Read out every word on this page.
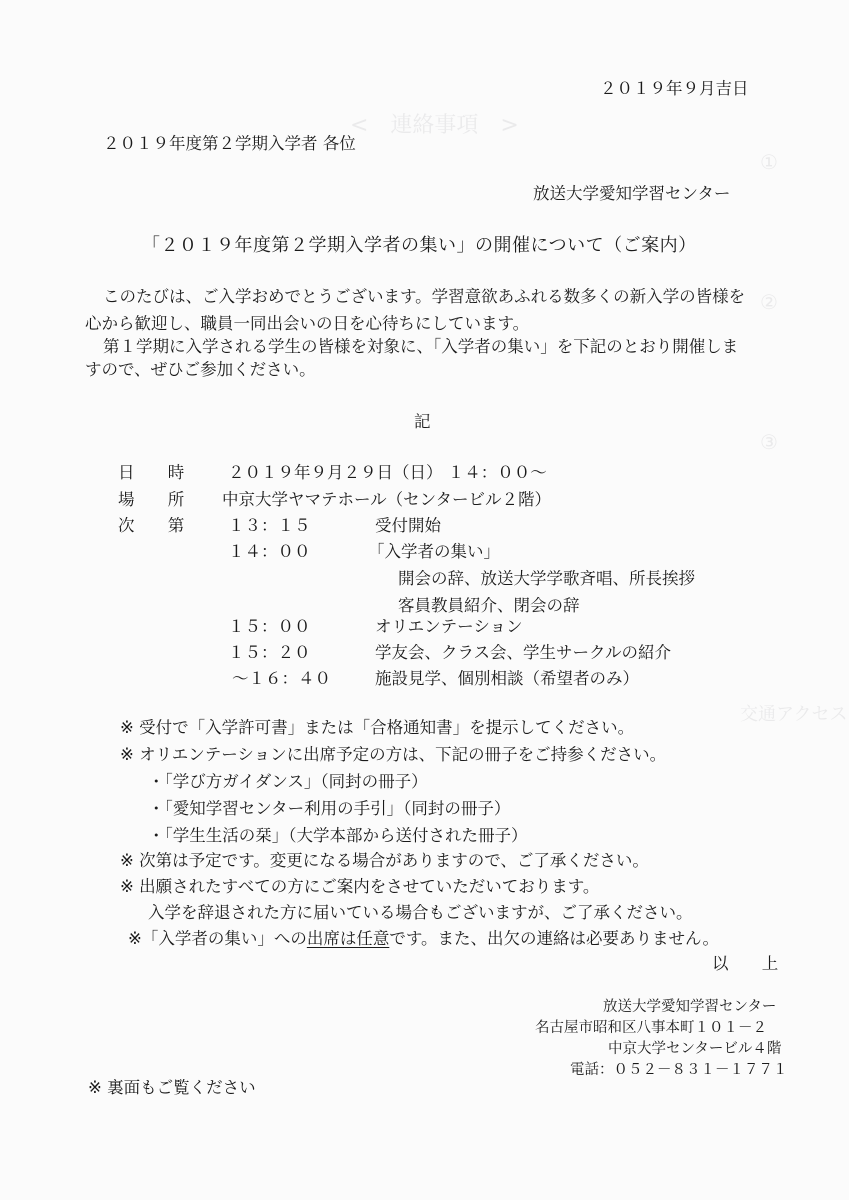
<　連絡事項　>
①
②
③
交通アクセス
２０１９年９月吉日
２０１９年度第２学期入学者 各位
放送大学愛知学習センター
「２０１９年度第２学期入学者の集い」の開催について（ご案内）
このたびは、ご入学おめでとうございます。学習意欲あふれる数多くの新入学の皆様を
心から歓迎し、職員一同出会いの日を心待ちにしています。
第１学期に入学される学生の皆様を対象に、「入学者の集い」を下記のとおり開催しま
すので、ぜひご参加ください。
記
日 時 ２０１９年９月２９日（日） １４：００～
場 所 中京大学ヤマテホール（センタービル２階）
次 第 １３：１５	受付開始
１４：００	「入学者の集い」
開会の辞、放送大学学歌斉唱、所長挨拶
客員教員紹介、閉会の辞
１５：００	オリエンテーション
１５：２０	学友会、クラス会、学生サークルの紹介
～１６：４０	施設見学、個別相談（希望者のみ）
※ 受付で「入学許可書」または「合格通知書」を提示してください。
※ オリエンテーションに出席予定の方は、下記の冊子をご持参ください。
・「学び方ガイダンス」（同封の冊子）
・「愛知学習センター利用の手引」（同封の冊子）
・「学生生活の栞」（大学本部から送付された冊子）
※ 次第は予定です。変更になる場合がありますので、ご了承ください。
※ 出願されたすべての方にご案内をさせていただいております。
入学を辞退された方に届いている場合もございますが、ご了承ください。
※「入学者の集い」への出席は任意です。また、出欠の連絡は必要ありません。
以 上
放送大学愛知学習センター
名古屋市昭和区八事本町１０１－２
中京大学センタービル４階
電話：０５２－８３１－１７７１
※ 裏面もご覧ください
